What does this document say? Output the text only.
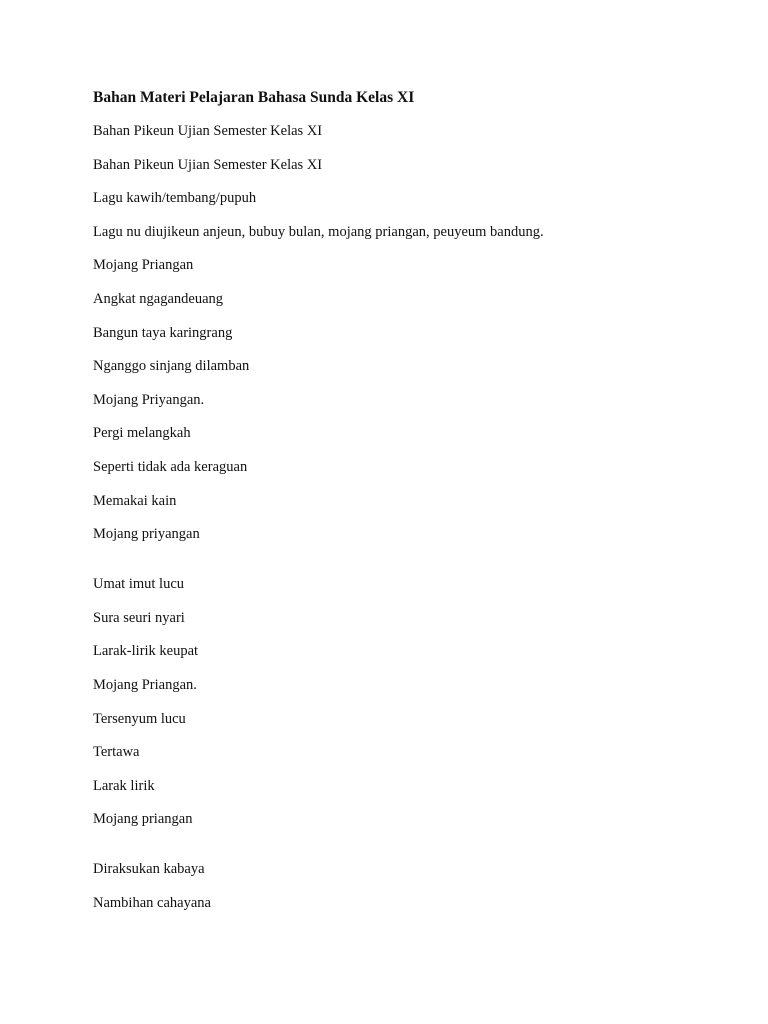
Bahan Materi Pelajaran Bahasa Sunda Kelas XI
Bahan Pikeun Ujian Semester Kelas XI
Bahan Pikeun Ujian Semester Kelas XI
Lagu kawih/tembang/pupuh
Lagu nu diujikeun anjeun, bubuy bulan, mojang priangan, peuyeum bandung.
Mojang Priangan
Angkat ngagandeuang
Bangun taya karingrang
Nganggo sinjang dilamban
Mojang Priyangan.
Pergi melangkah
Seperti tidak ada keraguan
Memakai kain
Mojang priyangan
Umat imut lucu
Sura seuri nyari
Larak-lirik keupat
Mojang Priangan.
Tersenyum lucu
Tertawa
Larak lirik
Mojang priangan
Diraksukan kabaya
Nambihan cahayana
